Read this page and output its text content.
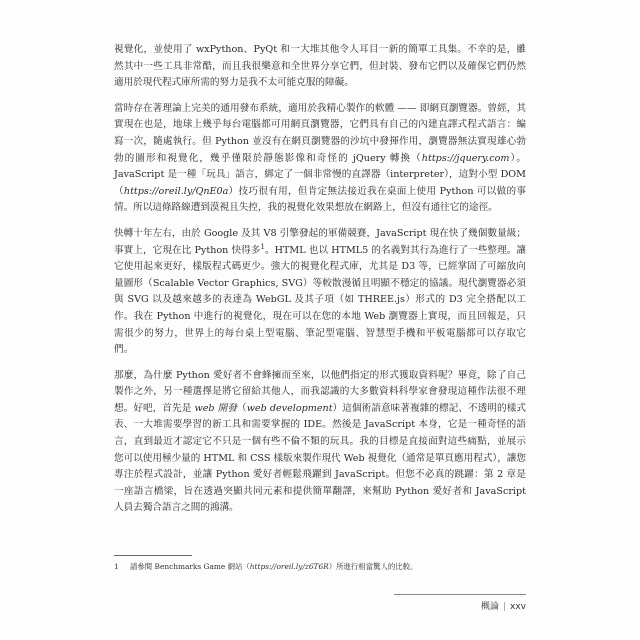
視覺化，並使用了 wxPython、PyQt 和一大堆其他令人耳目一新的簡單工具集。不幸的是，雖然其中一些工具非常酷，而且我很樂意和全世界分享它們，但封裝、發布它們以及確保它們仍然適用於現代程式庫所需的努力是我不太可能克服的障礙。

當時存在著理論上完美的通用發布系統，適用於我精心製作的軟體 —— 即網頁瀏覽器。曾經，其實現在也是，地球上幾乎每台電腦都可用網頁瀏覽器，它們具有自己的內建直譯式程式語言：編寫一次，隨處執行。但 Python 並沒有在網頁瀏覽器的沙坑中發揮作用，瀏覽器無法實現雄心勃勃的圖形和視覺化，幾乎僅限於靜態影像和奇怪的 jQuery 轉換（https://jquery.com）。JavaScript 是一種「玩具」語言，綁定了一個非常慢的直譯器（interpreter），這對小型 DOM（https://oreil.ly/QnE0a）技巧很有用，但肯定無法接近我在桌面上使用 Python 可以做的事情。所以這條路線遭到漠視且失控，我的視覺化效果想放在網路上，但沒有通往它的途徑。

快轉十年左右，由於 Google 及其 V8 引擎發起的軍備競賽，JavaScript 現在快了幾個數量級；事實上，它現在比 Python 快得多$^1$。HTML 也以 HTML5 的名義對其行為進行了一些整理。讓它使用起來更好，樣版程式碼更少。強大的視覺化程式庫，尤其是 D3 等，已經掌固了可縮放向量圖形（Scalable Vector Graphics, SVG）等較散漫循且明顯不穩定的協議。現代瀏覽器必須與 SVG 以及越來越多的表達為 WebGL 及其子項（如 THREE.js）形式的 D3 完全搭配以工作。我在 Python 中進行的視覺化，現在可以在您的本地 Web 瀏覽器上實現，而且回報是，只需很少的努力，世界上的每台桌上型電腦、筆記型電腦、智慧型手機和平板電腦都可以存取它們。

那麼，為什麼 Python 愛好者不會蜂擁而至來，以他們指定的形式獲取資料呢？畢竟，除了自己製作之外，另一種選擇是將它留給其他人，而我認識的大多數資料科學家會發現這種作法很不理想。好吧，首先是 web 開發（web development）這個術語意味著複雜的標記、不透明的樣式表、一大堆需要學習的新工具和需要掌握的 IDE。然後是 JavaScript 本身，它是一種奇怪的語言，直到最近才認定它不只是一個有些不倫不類的玩具。我的目標是直接面對這些痛點，並展示您可以使用極少量的 HTML 和 CSS 樣版來製作現代 Web 視覺化（通常是單頁應用程式），讓您專注於程式設計，並讓 Python 愛好者輕鬆飛躍到 JavaScript。但您不必真的跳躍：第 2 章是一座語言橋梁，旨在透過突顯共同元素和提供簡單翻譯，來幫助 Python 愛好者和 JavaScript 人員去獨合語言之間的鴻溝。

1 請參閱 Benchmarks Game 網站（https://oreil.ly/z6T6R）所進行相當驚人的比較。
概論 | xxv
